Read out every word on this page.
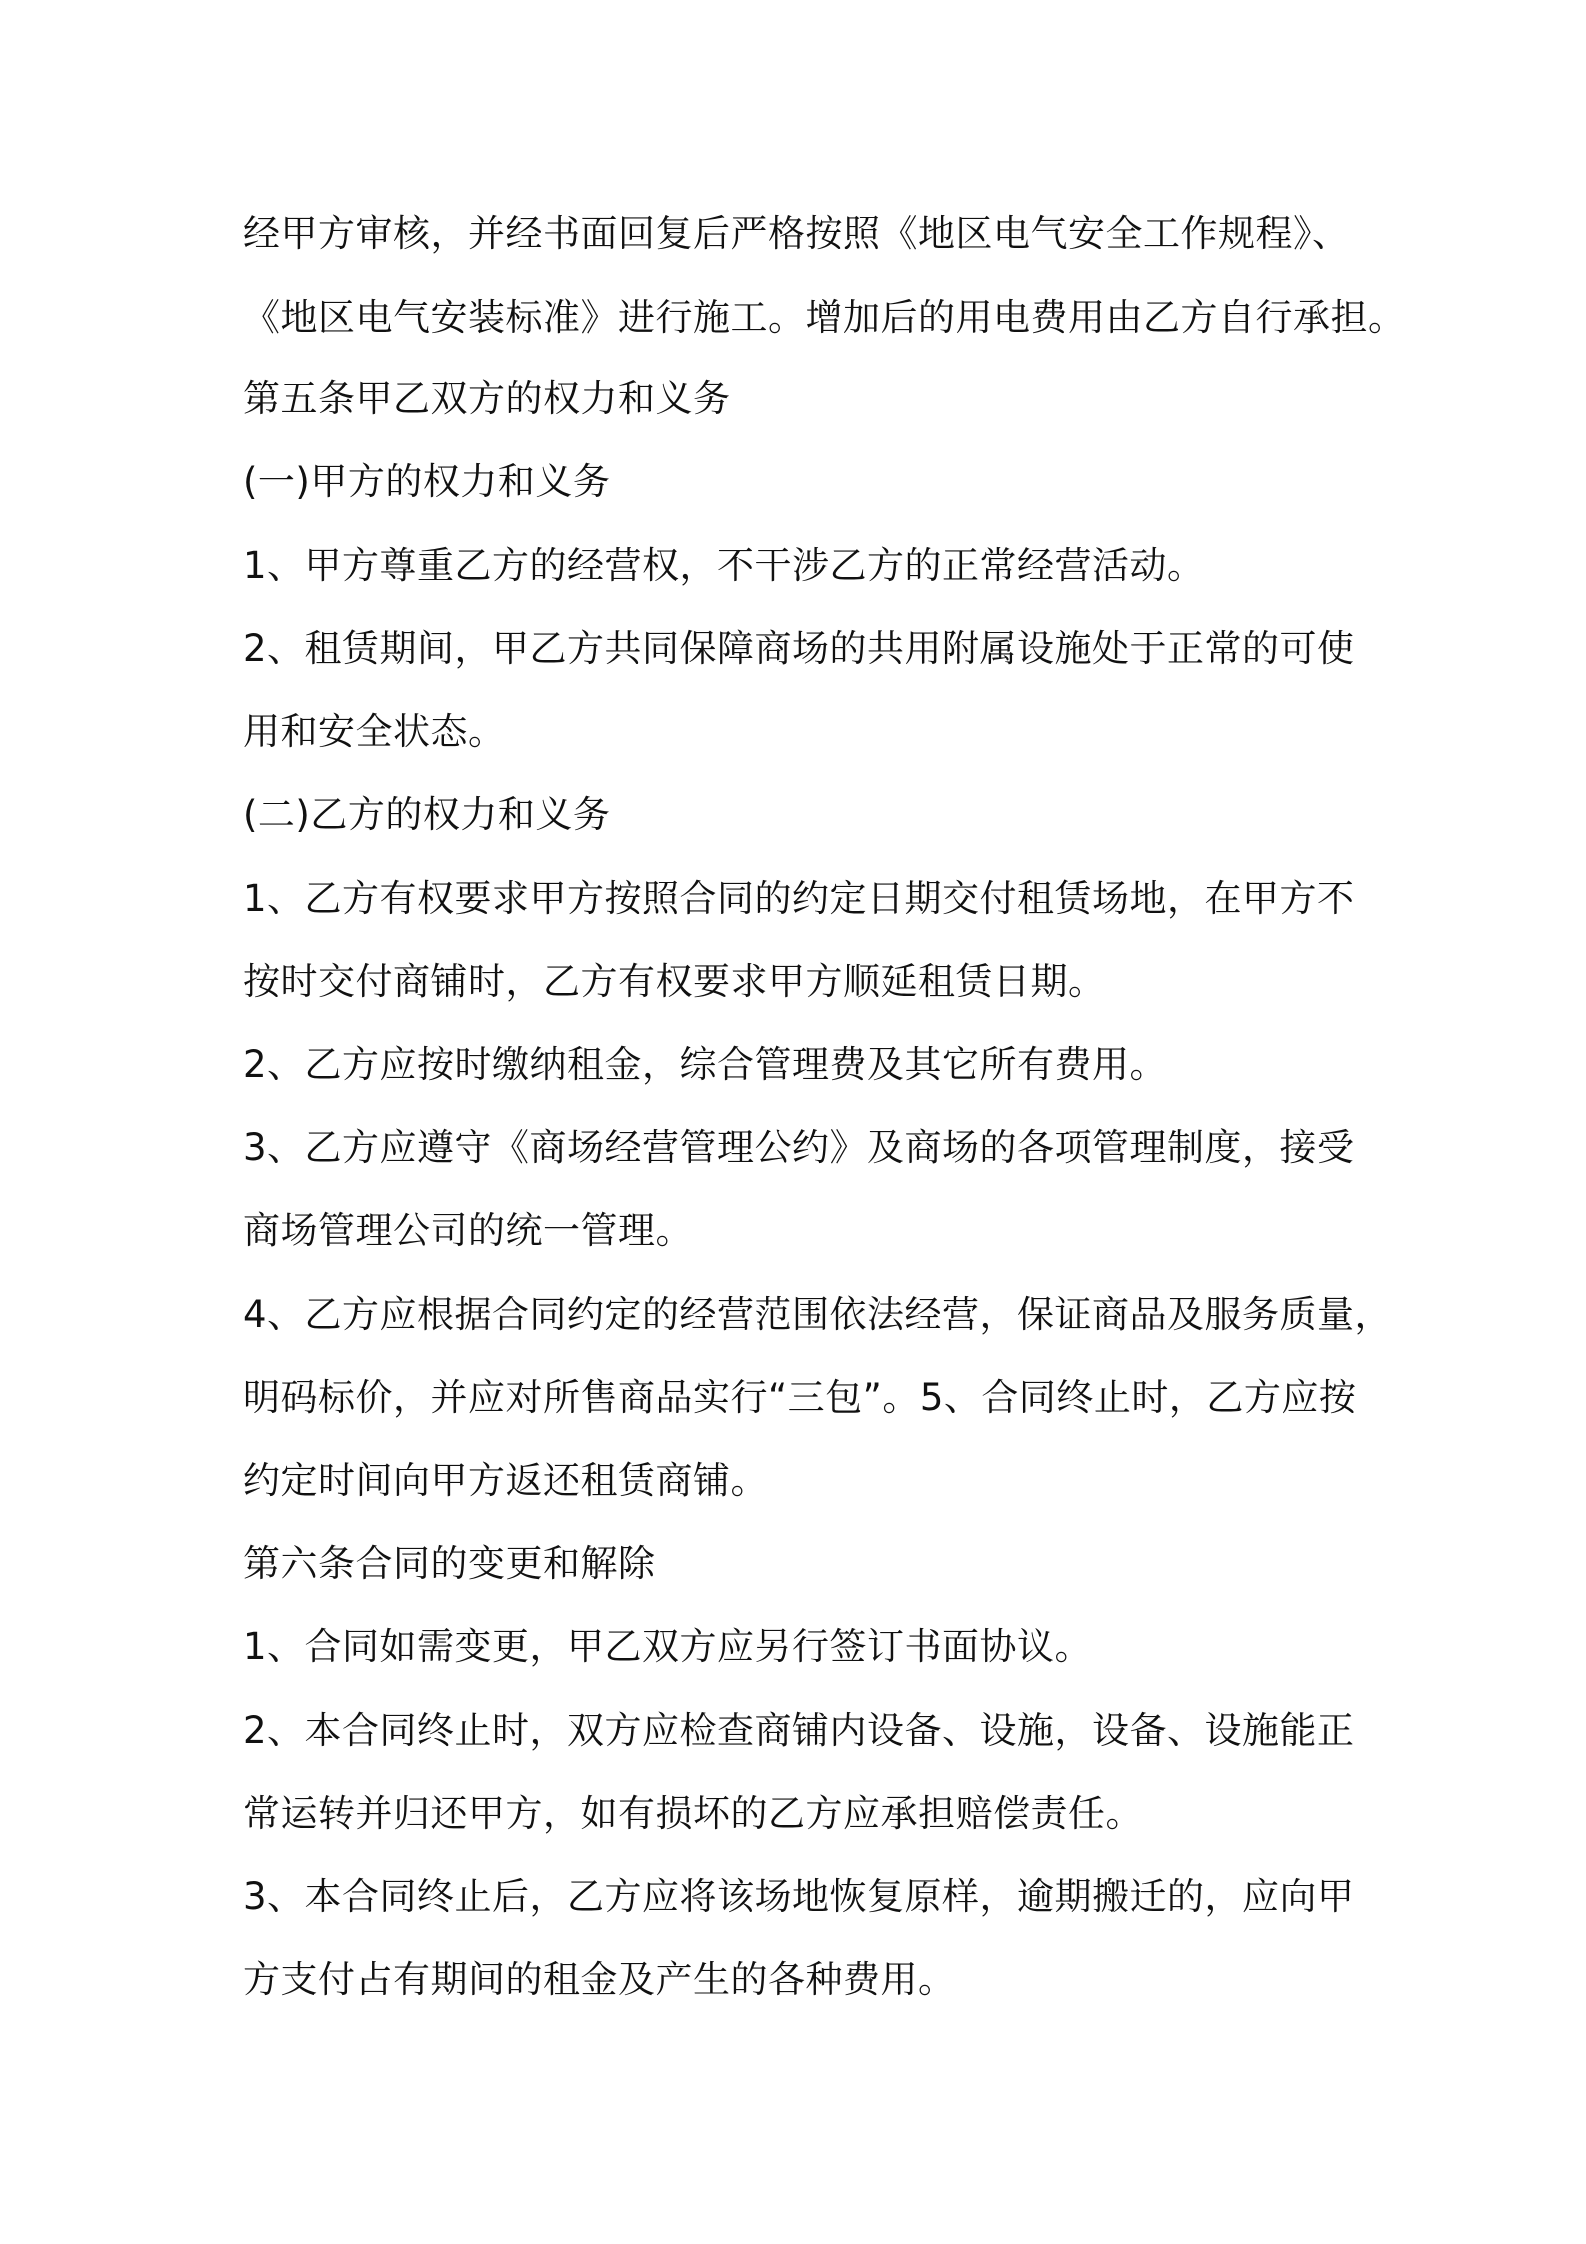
经甲方审核，并经书面回复后严格按照《地区电气安全工作规程》、

《地区电气安装标准》进行施工。增加后的用电费用由乙方自行承担。

第五条甲乙双方的权力和义务

(一)甲方的权力和义务

1、甲方尊重乙方的经营权，不干涉乙方的正常经营活动。

2、租赁期间，甲乙方共同保障商场的共用附属设施处于正常的可使

用和安全状态。

(二)乙方的权力和义务

1、乙方有权要求甲方按照合同的约定日期交付租赁场地，在甲方不

按时交付商铺时，乙方有权要求甲方顺延租赁日期。

2、乙方应按时缴纳租金，综合管理费及其它所有费用。

3、乙方应遵守《商场经营管理公约》及商场的各项管理制度，接受

商场管理公司的统一管理。

4、乙方应根据合同约定的经营范围依法经营，保证商品及服务质量，

明码标价，并应对所售商品实行“三包”。5、合同终止时，乙方应按

约定时间向甲方返还租赁商铺。

第六条合同的变更和解除

1、合同如需变更，甲乙双方应另行签订书面协议。

2、本合同终止时，双方应检查商铺内设备、设施，设备、设施能正

常运转并归还甲方，如有损坏的乙方应承担赔偿责任。

3、本合同终止后，乙方应将该场地恢复原样，逾期搬迁的，应向甲

方支付占有期间的租金及产生的各种费用。
